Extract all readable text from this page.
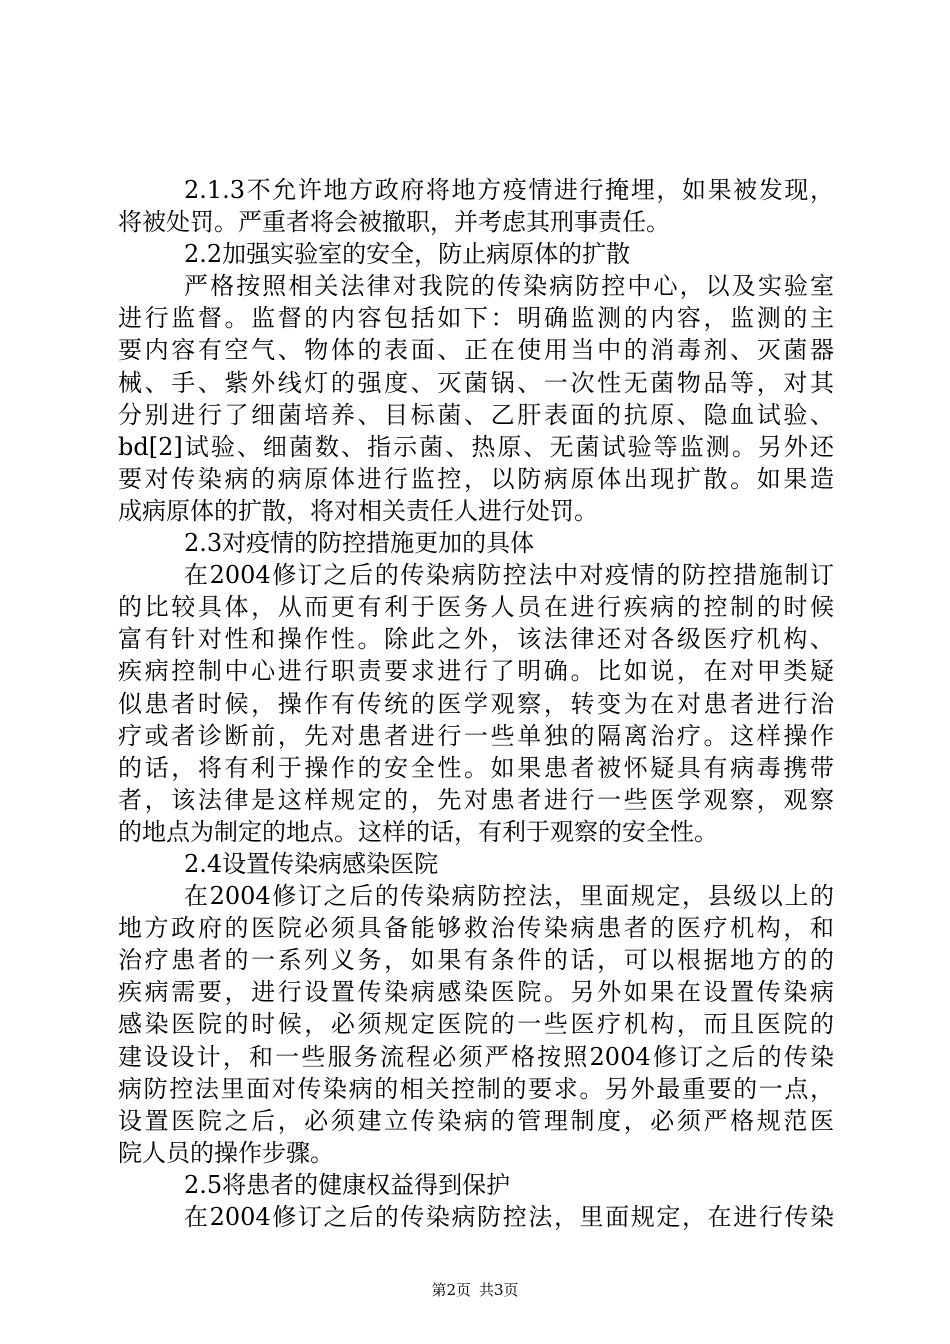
2.1.3不允许地方政府将地方疫情进行掩埋，如果被发现，
将被处罚。严重者将会被撤职，并考虑其刑事责任。
2.2加强实验室的安全，防止病原体的扩散
严格按照相关法律对我院的传染病防控中心，以及实验室
进行监督。监督的内容包括如下：明确监测的内容，监测的主
要内容有空气、物体的表面、正在使用当中的消毒剂、灭菌器
械、手、紫外线灯的强度、灭菌锅、一次性无菌物品等，对其
分别进行了细菌培养、目标菌、乙肝表面的抗原、隐血试验、
bd[2]试验、细菌数、指示菌、热原、无菌试验等监测。另外还
要对传染病的病原体进行监控，以防病原体出现扩散。如果造
成病原体的扩散，将对相关责任人进行处罚。
2.3对疫情的防控措施更加的具体
在2004修订之后的传染病防控法中对疫情的防控措施制订
的比较具体，从而更有利于医务人员在进行疾病的控制的时候
富有针对性和操作性。除此之外，该法律还对各级医疗机构、
疾病控制中心进行职责要求进行了明确。比如说，在对甲类疑
似患者时候，操作有传统的医学观察，转变为在对患者进行治
疗或者诊断前，先对患者进行一些单独的隔离治疗。这样操作
的话，将有利于操作的安全性。如果患者被怀疑具有病毒携带
者，该法律是这样规定的，先对患者进行一些医学观察，观察
的地点为制定的地点。这样的话，有利于观察的安全性。
2.4设置传染病感染医院
在2004修订之后的传染病防控法，里面规定，县级以上的
地方政府的医院必须具备能够救治传染病患者的医疗机构，和
治疗患者的一系列义务，如果有条件的话，可以根据地方的的
疾病需要，进行设置传染病感染医院。另外如果在设置传染病
感染医院的时候，必须规定医院的一些医疗机构，而且医院的
建设设计，和一些服务流程必须严格按照2004修订之后的传染
病防控法里面对传染病的相关控制的要求。另外最重要的一点，
设置医院之后，必须建立传染病的管理制度，必须严格规范医
院人员的操作步骤。
2.5将患者的健康权益得到保护
在2004修订之后的传染病防控法，里面规定，在进行传染
第2页 共3页
